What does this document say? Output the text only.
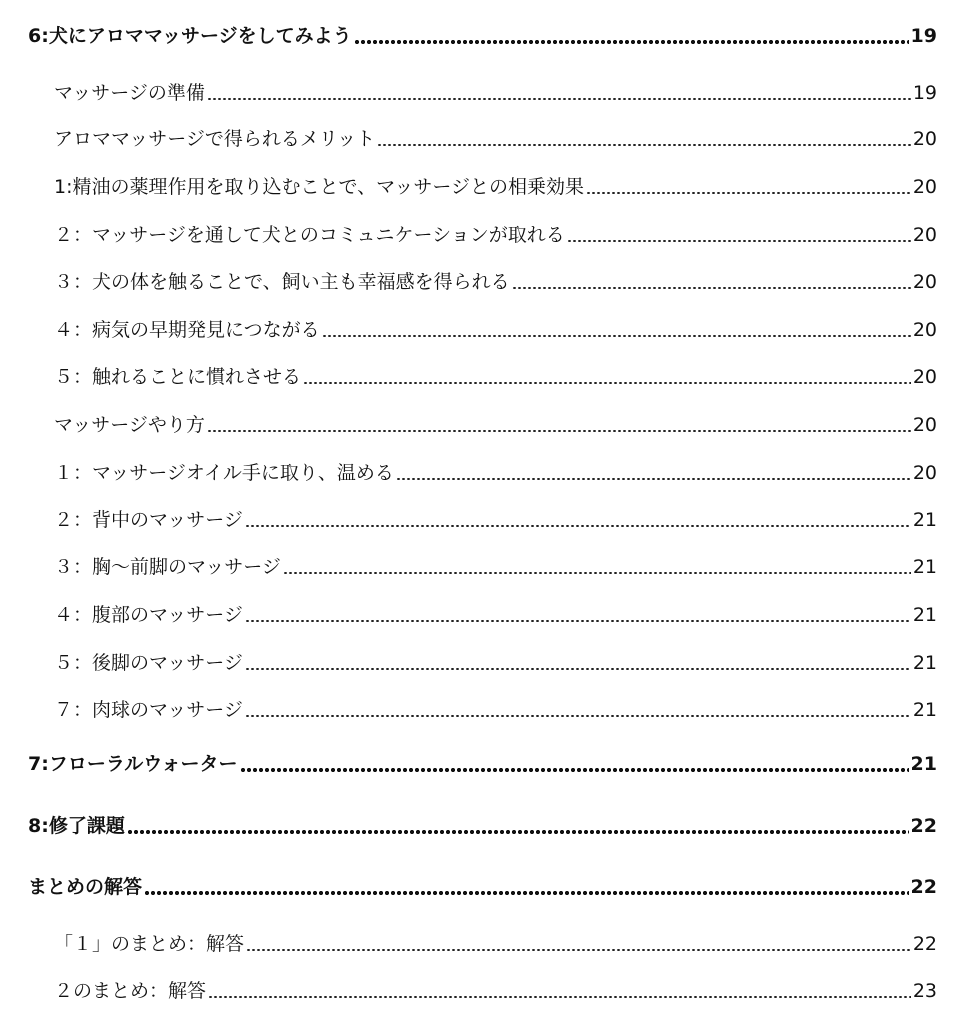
6:犬にアロママッサージをしてみよう	19
マッサージの準備	19
アロママッサージで得られるメリット	20
1:精油の薬理作用を取り込むことで、マッサージとの相乗効果	20
２：マッサージを通して犬とのコミュニケーションが取れる	20
３：犬の体を触ることで、飼い主も幸福感を得られる	20
４：病気の早期発見につながる	20
５：触れることに慣れさせる	20
マッサージやり方	20
１：マッサージオイル手に取り、温める	20
２：背中のマッサージ	21
３：胸～前脚のマッサージ	21
４：腹部のマッサージ	21
５：後脚のマッサージ	21
７：肉球のマッサージ	21
7:フローラルウォーター	21
8:修了課題	22
まとめの解答	22
「１」のまとめ：解答	22
２のまとめ：解答	23
